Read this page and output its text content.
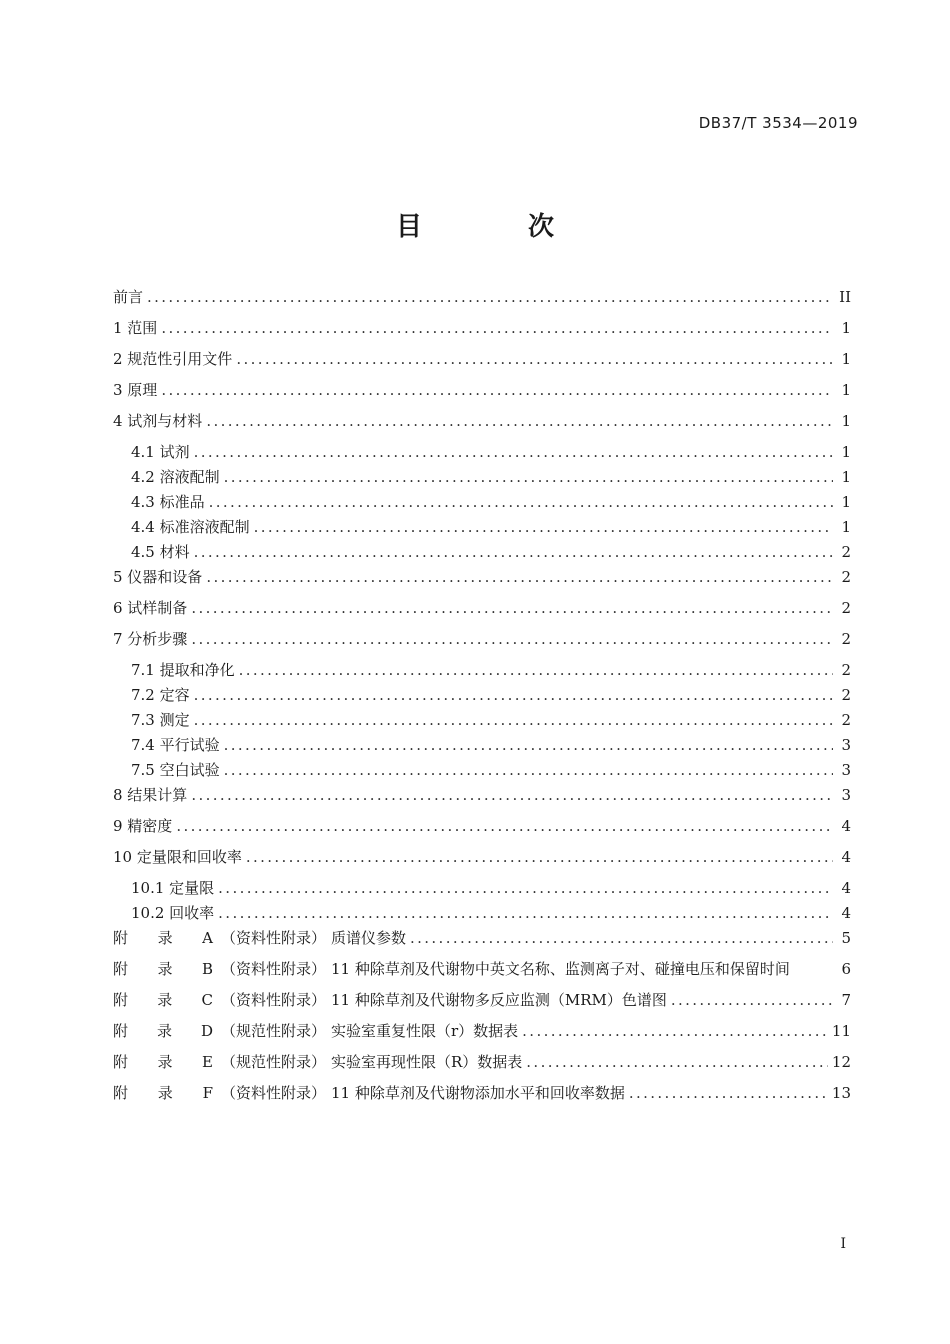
DB37/T 3534—2019
目　次
前言 . . .	II
1 范围 . . .	1
2 规范性引用文件 . . .	1
3 原理 . . .	1
4 试剂与材料 . . .	1
4.1 试剂 . . .	1
4.2 溶液配制 . . .	1
4.3 标准品 . . .	1
4.4 标准溶液配制 . . .	1
4.5 材料 . . .	2
5 仪器和设备 . . .	2
6 试样制备 . . .	2
7 分析步骤 . . .	2
7.1 提取和净化 . . .	2
7.2 定容 . . .	2
7.3 测定 . . .	2
7.4 平行试验 . . .	3
7.5 空白试验 . . .	3
8 结果计算 . . .	3
9 精密度 . . .	4
10 定量限和回收率 . . .	4
10.1 定量限 . . .	4
10.2 回收率 . . .	4
附 录 A （资料性附录） 质谱仪参数 . . .	5
附 录 B （资料性附录） 11 种除草剂及代谢物中英文名称、监测离子对、碰撞电压和保留时间	6
附 录 C （资料性附录） 11 种除草剂及代谢物多反应监测（MRM）色谱图 . . .	7
附 录 D （规范性附录） 实验室重复性限（r）数据表 . . .	11
附 录 E （规范性附录） 实验室再现性限（R）数据表 . . .	12
附 录 F （资料性附录） 11 种除草剂及代谢物添加水平和回收率数据 . . .	13
I
